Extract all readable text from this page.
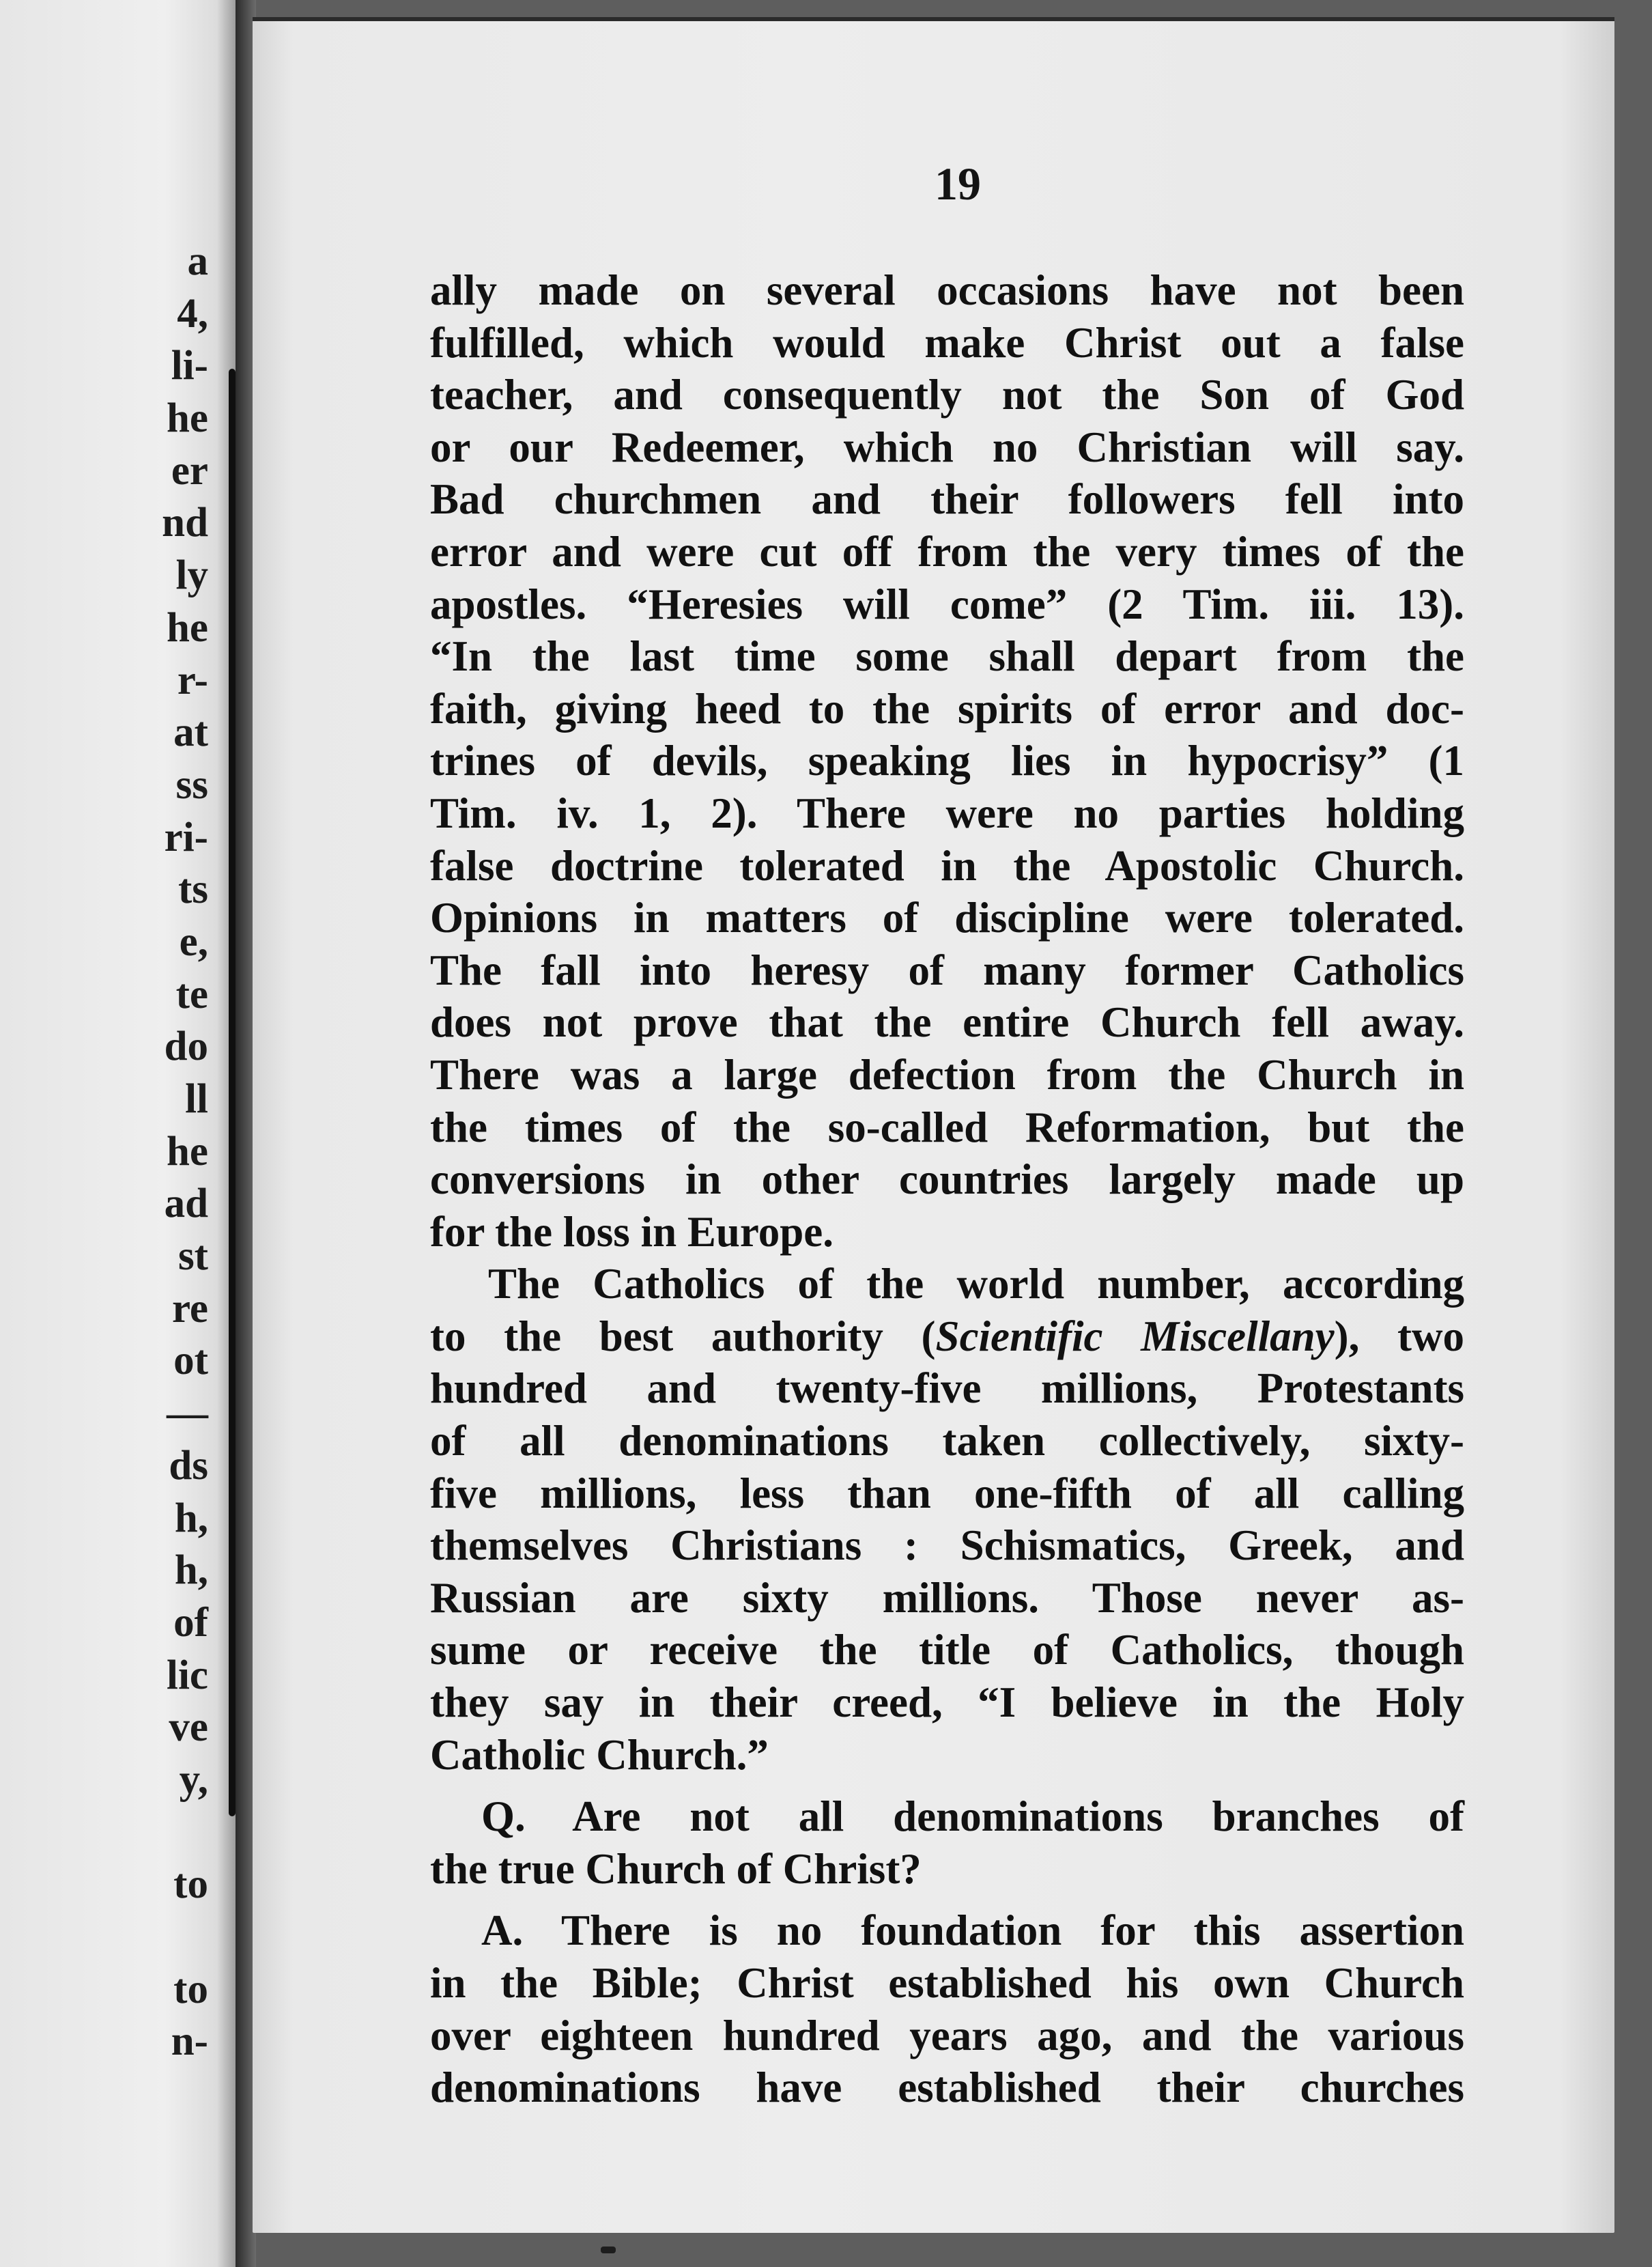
a
4,
li-
he
er
nd
ly
he
r-
at
ss
ri-
ts
e,
te
do
ll
he
ad
st
re
ot
—
ds
h,
h,
of
lic
ve
y,
to
to
n-
19
ally made on several occasions have not been
fulfilled, which would make Christ out a false
teacher, and consequently not the Son of God
or our Redeemer, which no Christian will say.
Bad churchmen and their followers fell into
error and were cut off from the very times of the
apostles. “Heresies will come” (2 Tim. iii. 13).
“In the last time some shall depart from the
faith, giving heed to the spirits of error and doc-
trines of devils, speaking lies in hypocrisy” (1
Tim. iv. 1, 2). There were no parties holding
false doctrine tolerated in the Apostolic Church.
Opinions in matters of discipline were tolerated.
The fall into heresy of many former Catholics
does not prove that the entire Church fell away.
There was a large defection from the Church in
the times of the so-called Reformation, but the
conversions in other countries largely made up
for the loss in Europe.
The Catholics of the world number, according
to the best authority (Scientific Miscellany), two
hundred and twenty-five millions, Protestants
of all denominations taken collectively, sixty-
five millions, less than one-fifth of all calling
themselves Christians : Schismatics, Greek, and
Russian are sixty millions. Those never as-
sume or receive the title of Catholics, though
they say in their creed, “I believe in the Holy
Catholic Church.”
Q. Are not all denominations branches of
the true Church of Christ?
A. There is no foundation for this assertion
in the Bible; Christ established his own Church
over eighteen hundred years ago, and the various
denominations have established their churches
